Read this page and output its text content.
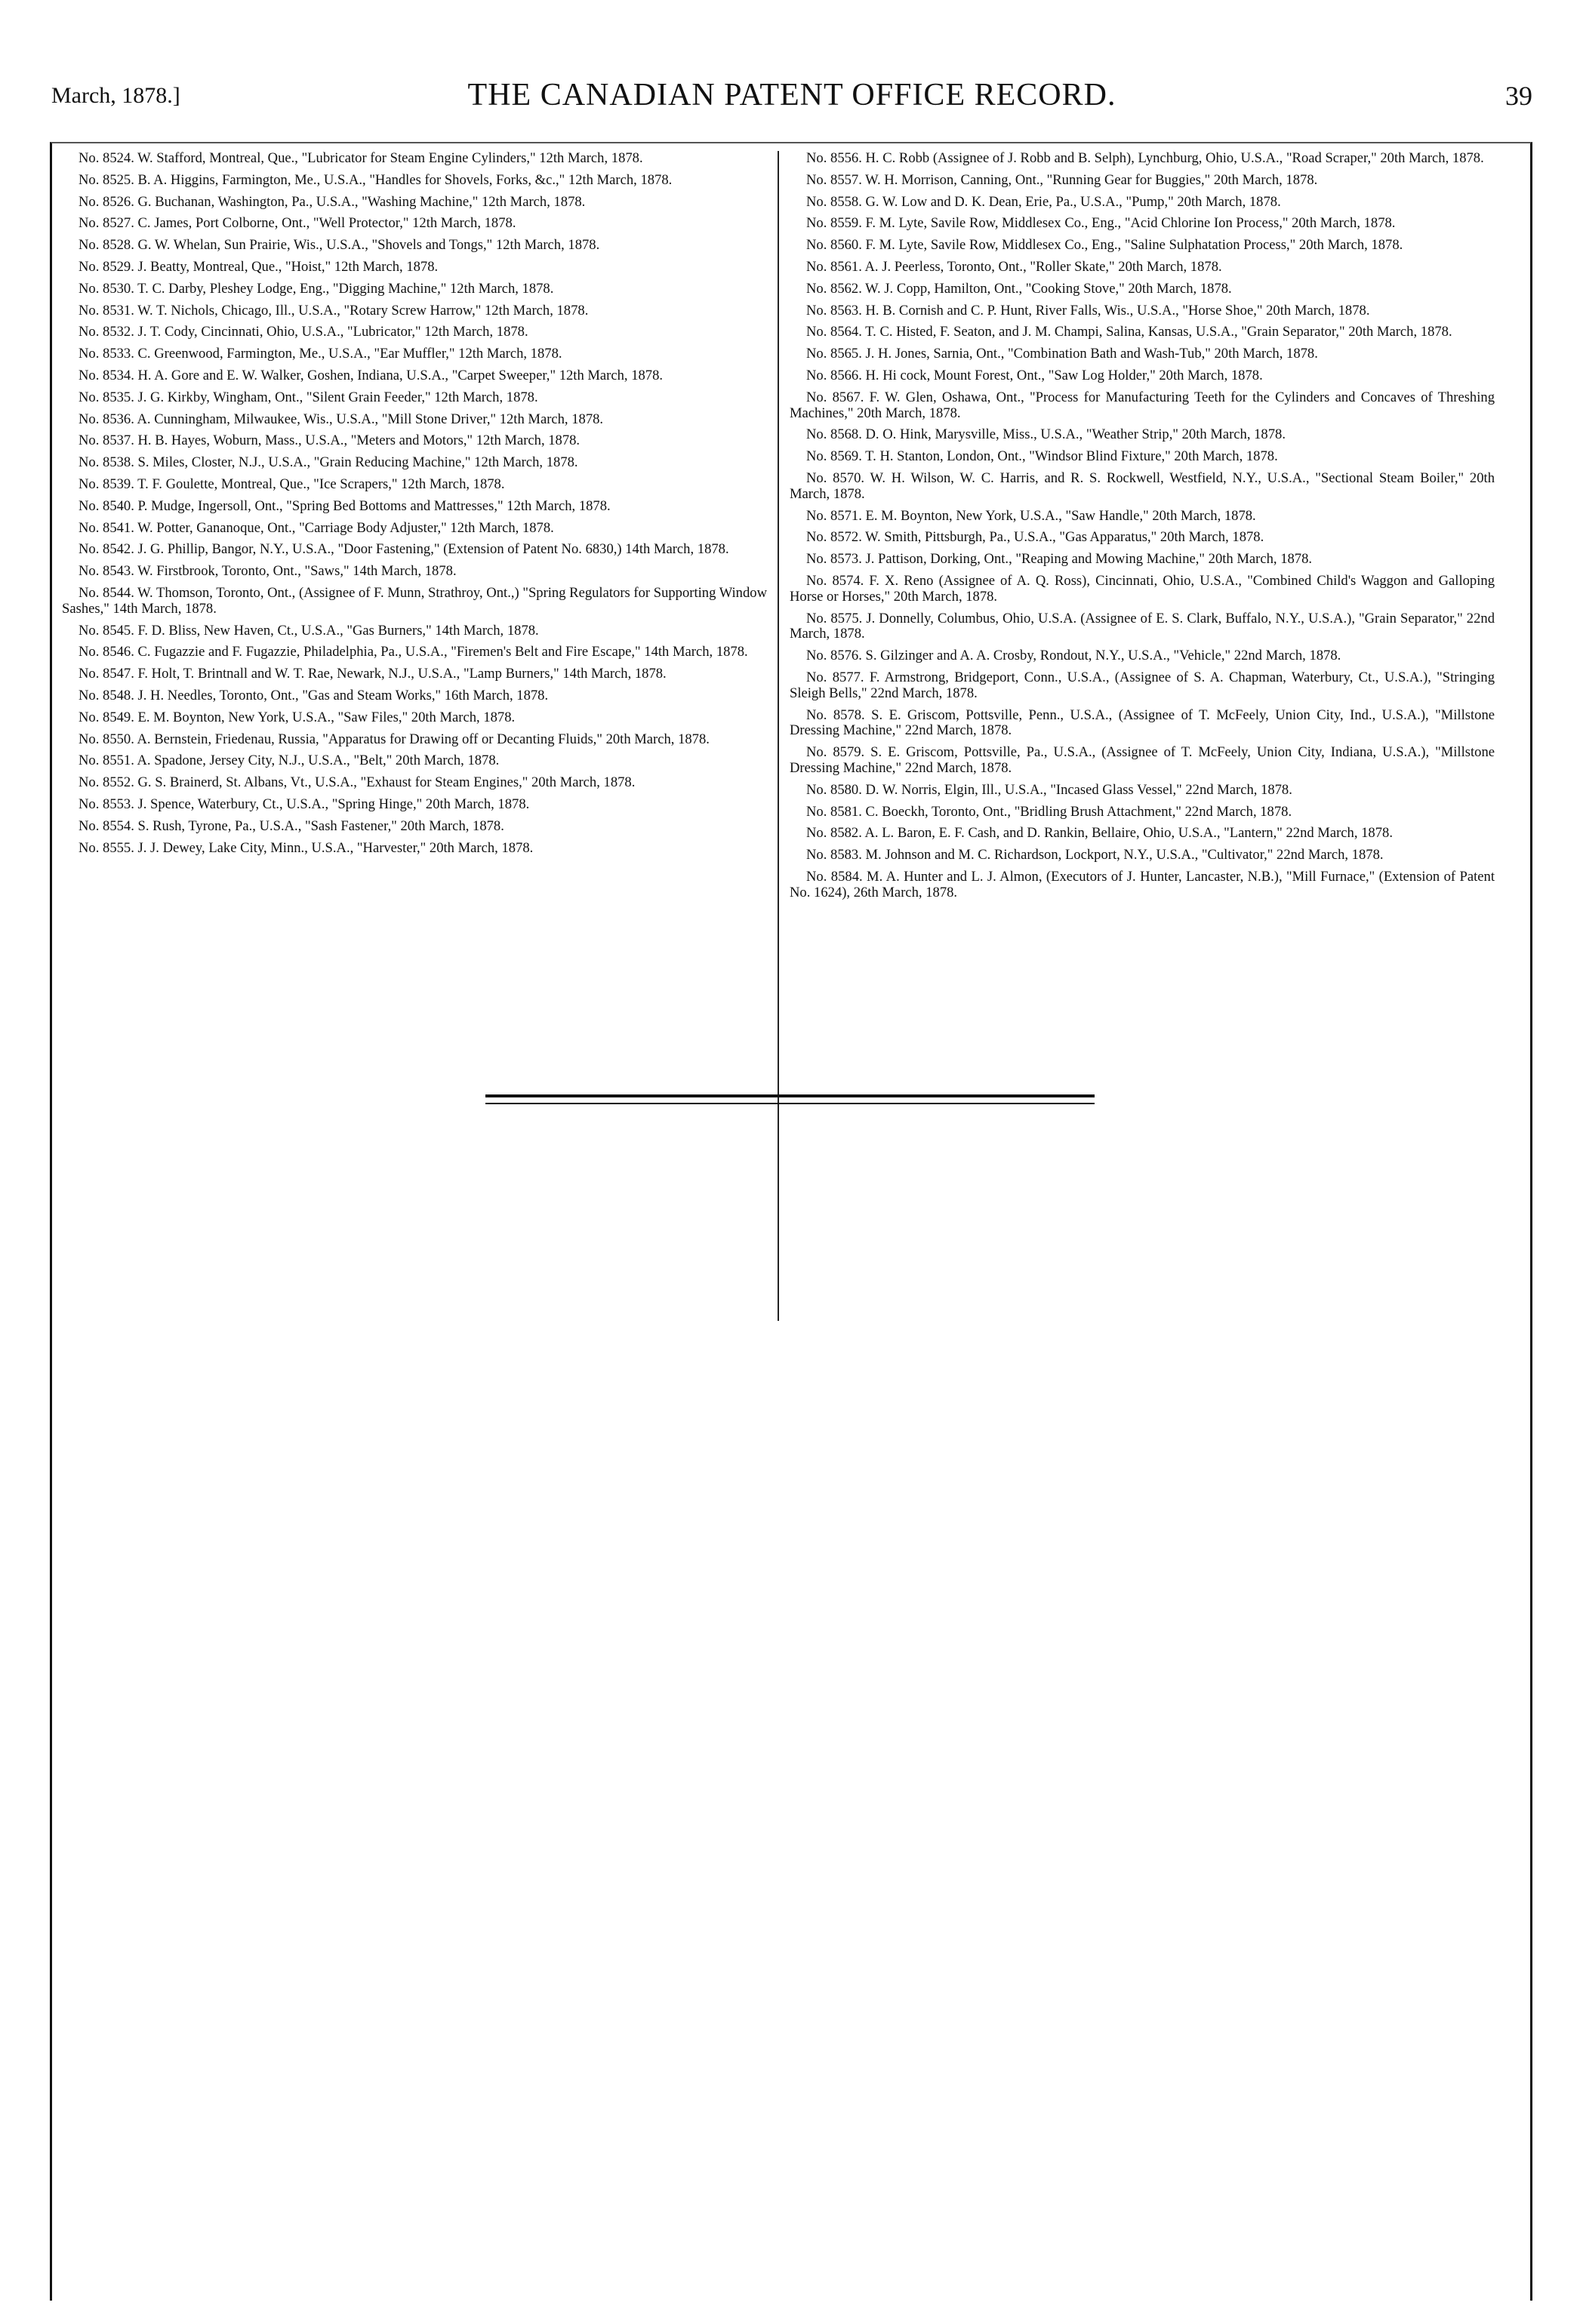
March, 1878.]	THE CANADIAN PATENT OFFICE RECORD.	39

No. 8524. W. Stafford, Montreal, Que., "Lubricator for Steam Engine Cylinders," 12th March, 1878.

No. 8525. B. A. Higgins, Farmington, Me., U.S.A., "Handles for Shovels, Forks, &c.," 12th March, 1878.

No. 8526. G. Buchanan, Washington, Pa., U.S.A., "Washing Machine," 12th March, 1878.

No. 8527. C. James, Port Colborne, Ont., "Well Protector," 12th March, 1878.

No. 8528. G. W. Whelan, Sun Prairie, Wis., U.S.A., "Shovels and Tongs," 12th March, 1878.

No. 8529. J. Beatty, Montreal, Que., "Hoist," 12th March, 1878.

No. 8530. T. C. Darby, Pleshey Lodge, Eng., "Digging Machine," 12th March, 1878.

No. 8531. W. T. Nichols, Chicago, Ill., U.S.A., "Rotary Screw Harrow," 12th March, 1878.

No. 8532. J. T. Cody, Cincinnati, Ohio, U.S.A., "Lubricator," 12th March, 1878.

No. 8533. C. Greenwood, Farmington, Me., U.S.A., "Ear Muffler," 12th March, 1878.

No. 8534. H. A. Gore and E. W. Walker, Goshen, Indiana, U.S.A., "Carpet Sweeper," 12th March, 1878.

No. 8535. J. G. Kirkby, Wingham, Ont., "Silent Grain Feeder," 12th March, 1878.

No. 8536. A. Cunningham, Milwaukee, Wis., U.S.A., "Mill Stone Driver," 12th March, 1878.

No. 8537. H. B. Hayes, Woburn, Mass., U.S.A., "Meters and Motors," 12th March, 1878.

No. 8538. S. Miles, Closter, N.J., U.S.A., "Grain Reducing Machine," 12th March, 1878.

No. 8539. T. F. Goulette, Montreal, Que., "Ice Scrapers," 12th March, 1878.

No. 8540. P. Mudge, Ingersoll, Ont., "Spring Bed Bottoms and Mattresses," 12th March, 1878.

No. 8541. W. Potter, Gananoque, Ont., "Carriage Body Adjuster," 12th March, 1878.

No. 8542. J. G. Phillip, Bangor, N.Y., U.S.A., "Door Fastening," (Extension of Patent No. 6830,) 14th March, 1878.

No. 8543. W. Firstbrook, Toronto, Ont., "Saws," 14th March, 1878.

No. 8544. W. Thomson, Toronto, Ont., (Assignee of F. Munn, Strathroy, Ont.,) "Spring Regulators for Supporting Window Sashes," 14th March, 1878.

No. 8545. F. D. Bliss, New Haven, Ct., U.S.A., "Gas Burners," 14th March, 1878.

No. 8546. C. Fugazzie and F. Fugazzie, Philadelphia, Pa., U.S.A., "Firemen's Belt and Fire Escape," 14th March, 1878.

No. 8547. F. Holt, T. Brintnall and W. T. Rae, Newark, N.J., U.S.A., "Lamp Burners," 14th March, 1878.

No. 8548. J. H. Needles, Toronto, Ont., "Gas and Steam Works," 16th March, 1878.

No. 8549. E. M. Boynton, New York, U.S.A., "Saw Files," 20th March, 1878.

No. 8550. A. Bernstein, Friedenau, Russia, "Apparatus for Drawing off or Decanting Fluids," 20th March, 1878.

No. 8551. A. Spadone, Jersey City, N.J., U.S.A., "Belt," 20th March, 1878.

No. 8552. G. S. Brainerd, St. Albans, Vt., U.S.A., "Exhaust for Steam Engines," 20th March, 1878.

No. 8553. J. Spence, Waterbury, Ct., U.S.A., "Spring Hinge," 20th March, 1878.

No. 8554. S. Rush, Tyrone, Pa., U.S.A., "Sash Fastener," 20th March, 1878.

No. 8555. J. J. Dewey, Lake City, Minn., U.S.A., "Harvester," 20th March, 1878.

No. 8556. H. C. Robb (Assignee of J. Robb and B. Selph), Lynchburg, Ohio, U.S.A., "Road Scraper," 20th March, 1878.

No. 8557. W. H. Morrison, Canning, Ont., "Running Gear for Buggies," 20th March, 1878.

No. 8558. G. W. Low and D. K. Dean, Erie, Pa., U.S.A., "Pump," 20th March, 1878.

No. 8559. F. M. Lyte, Savile Row, Middlesex Co., Eng., "Acid Chlorine Ion Process," 20th March, 1878.

No. 8560. F. M. Lyte, Savile Row, Middlesex Co., Eng., "Saline Sulphatation Process," 20th March, 1878.

No. 8561. A. J. Peerless, Toronto, Ont., "Roller Skate," 20th March, 1878.

No. 8562. W. J. Copp, Hamilton, Ont., "Cooking Stove," 20th March, 1878.

No. 8563. H. B. Cornish and C. P. Hunt, River Falls, Wis., U.S.A., "Horse Shoe," 20th March, 1878.

No. 8564. T. C. Histed, F. Seaton, and J. M. Champi, Salina, Kansas, U.S.A., "Grain Separator," 20th March, 1878.

No. 8565. J. H. Jones, Sarnia, Ont., "Combination Bath and Wash-Tub," 20th March, 1878.

No. 8566. H. Hi cock, Mount Forest, Ont., "Saw Log Holder," 20th March, 1878.

No. 8567. F. W. Glen, Oshawa, Ont., "Process for Manufacturing Teeth for the Cylinders and Concaves of Threshing Machines," 20th March, 1878.

No. 8568. D. O. Hink, Marysville, Miss., U.S.A., "Weather Strip," 20th March, 1878.

No. 8569. T. H. Stanton, London, Ont., "Windsor Blind Fixture," 20th March, 1878.

No. 8570. W. H. Wilson, W. C. Harris, and R. S. Rockwell, Westfield, N.Y., U.S.A., "Sectional Steam Boiler," 20th March, 1878.

No. 8571. E. M. Boynton, New York, U.S.A., "Saw Handle," 20th March, 1878.

No. 8572. W. Smith, Pittsburgh, Pa., U.S.A., "Gas Apparatus," 20th March, 1878.

No. 8573. J. Pattison, Dorking, Ont., "Reaping and Mowing Machine," 20th March, 1878.

No. 8574. F. X. Reno (Assignee of A. Q. Ross), Cincinnati, Ohio, U.S.A., "Combined Child's Waggon and Galloping Horse or Horses," 20th March, 1878.

No. 8575. J. Donnelly, Columbus, Ohio, U.S.A. (Assignee of E. S. Clark, Buffalo, N.Y., U.S.A.), "Grain Separator," 22nd March, 1878.

No. 8576. S. Gilzinger and A. A. Crosby, Rondout, N.Y., U.S.A., "Vehicle," 22nd March, 1878.

No. 8577. F. Armstrong, Bridgeport, Conn., U.S.A., (Assignee of S. A. Chapman, Waterbury, Ct., U.S.A.), "Stringing Sleigh Bells," 22nd March, 1878.

No. 8578. S. E. Griscom, Pottsville, Penn., U.S.A., (Assignee of T. McFeely, Union City, Ind., U.S.A.), "Millstone Dressing Machine," 22nd March, 1878.

No. 8579. S. E. Griscom, Pottsville, Pa., U.S.A., (Assignee of T. McFeely, Union City, Indiana, U.S.A.), "Millstone Dressing Machine," 22nd March, 1878.

No. 8580. D. W. Norris, Elgin, Ill., U.S.A., "Incased Glass Vessel," 22nd March, 1878.

No. 8581. C. Boeckh, Toronto, Ont., "Bridling Brush Attachment," 22nd March, 1878.

No. 8582. A. L. Baron, E. F. Cash, and D. Rankin, Bellaire, Ohio, U.S.A., "Lantern," 22nd March, 1878.

No. 8583. M. Johnson and M. C. Richardson, Lockport, N.Y., U.S.A., "Cultivator," 22nd March, 1878.

No. 8584. M. A. Hunter and L. J. Almon, (Executors of J. Hunter, Lancaster, N.B.), "Mill Furnace," (Extension of Patent No. 1624), 26th March, 1878.
